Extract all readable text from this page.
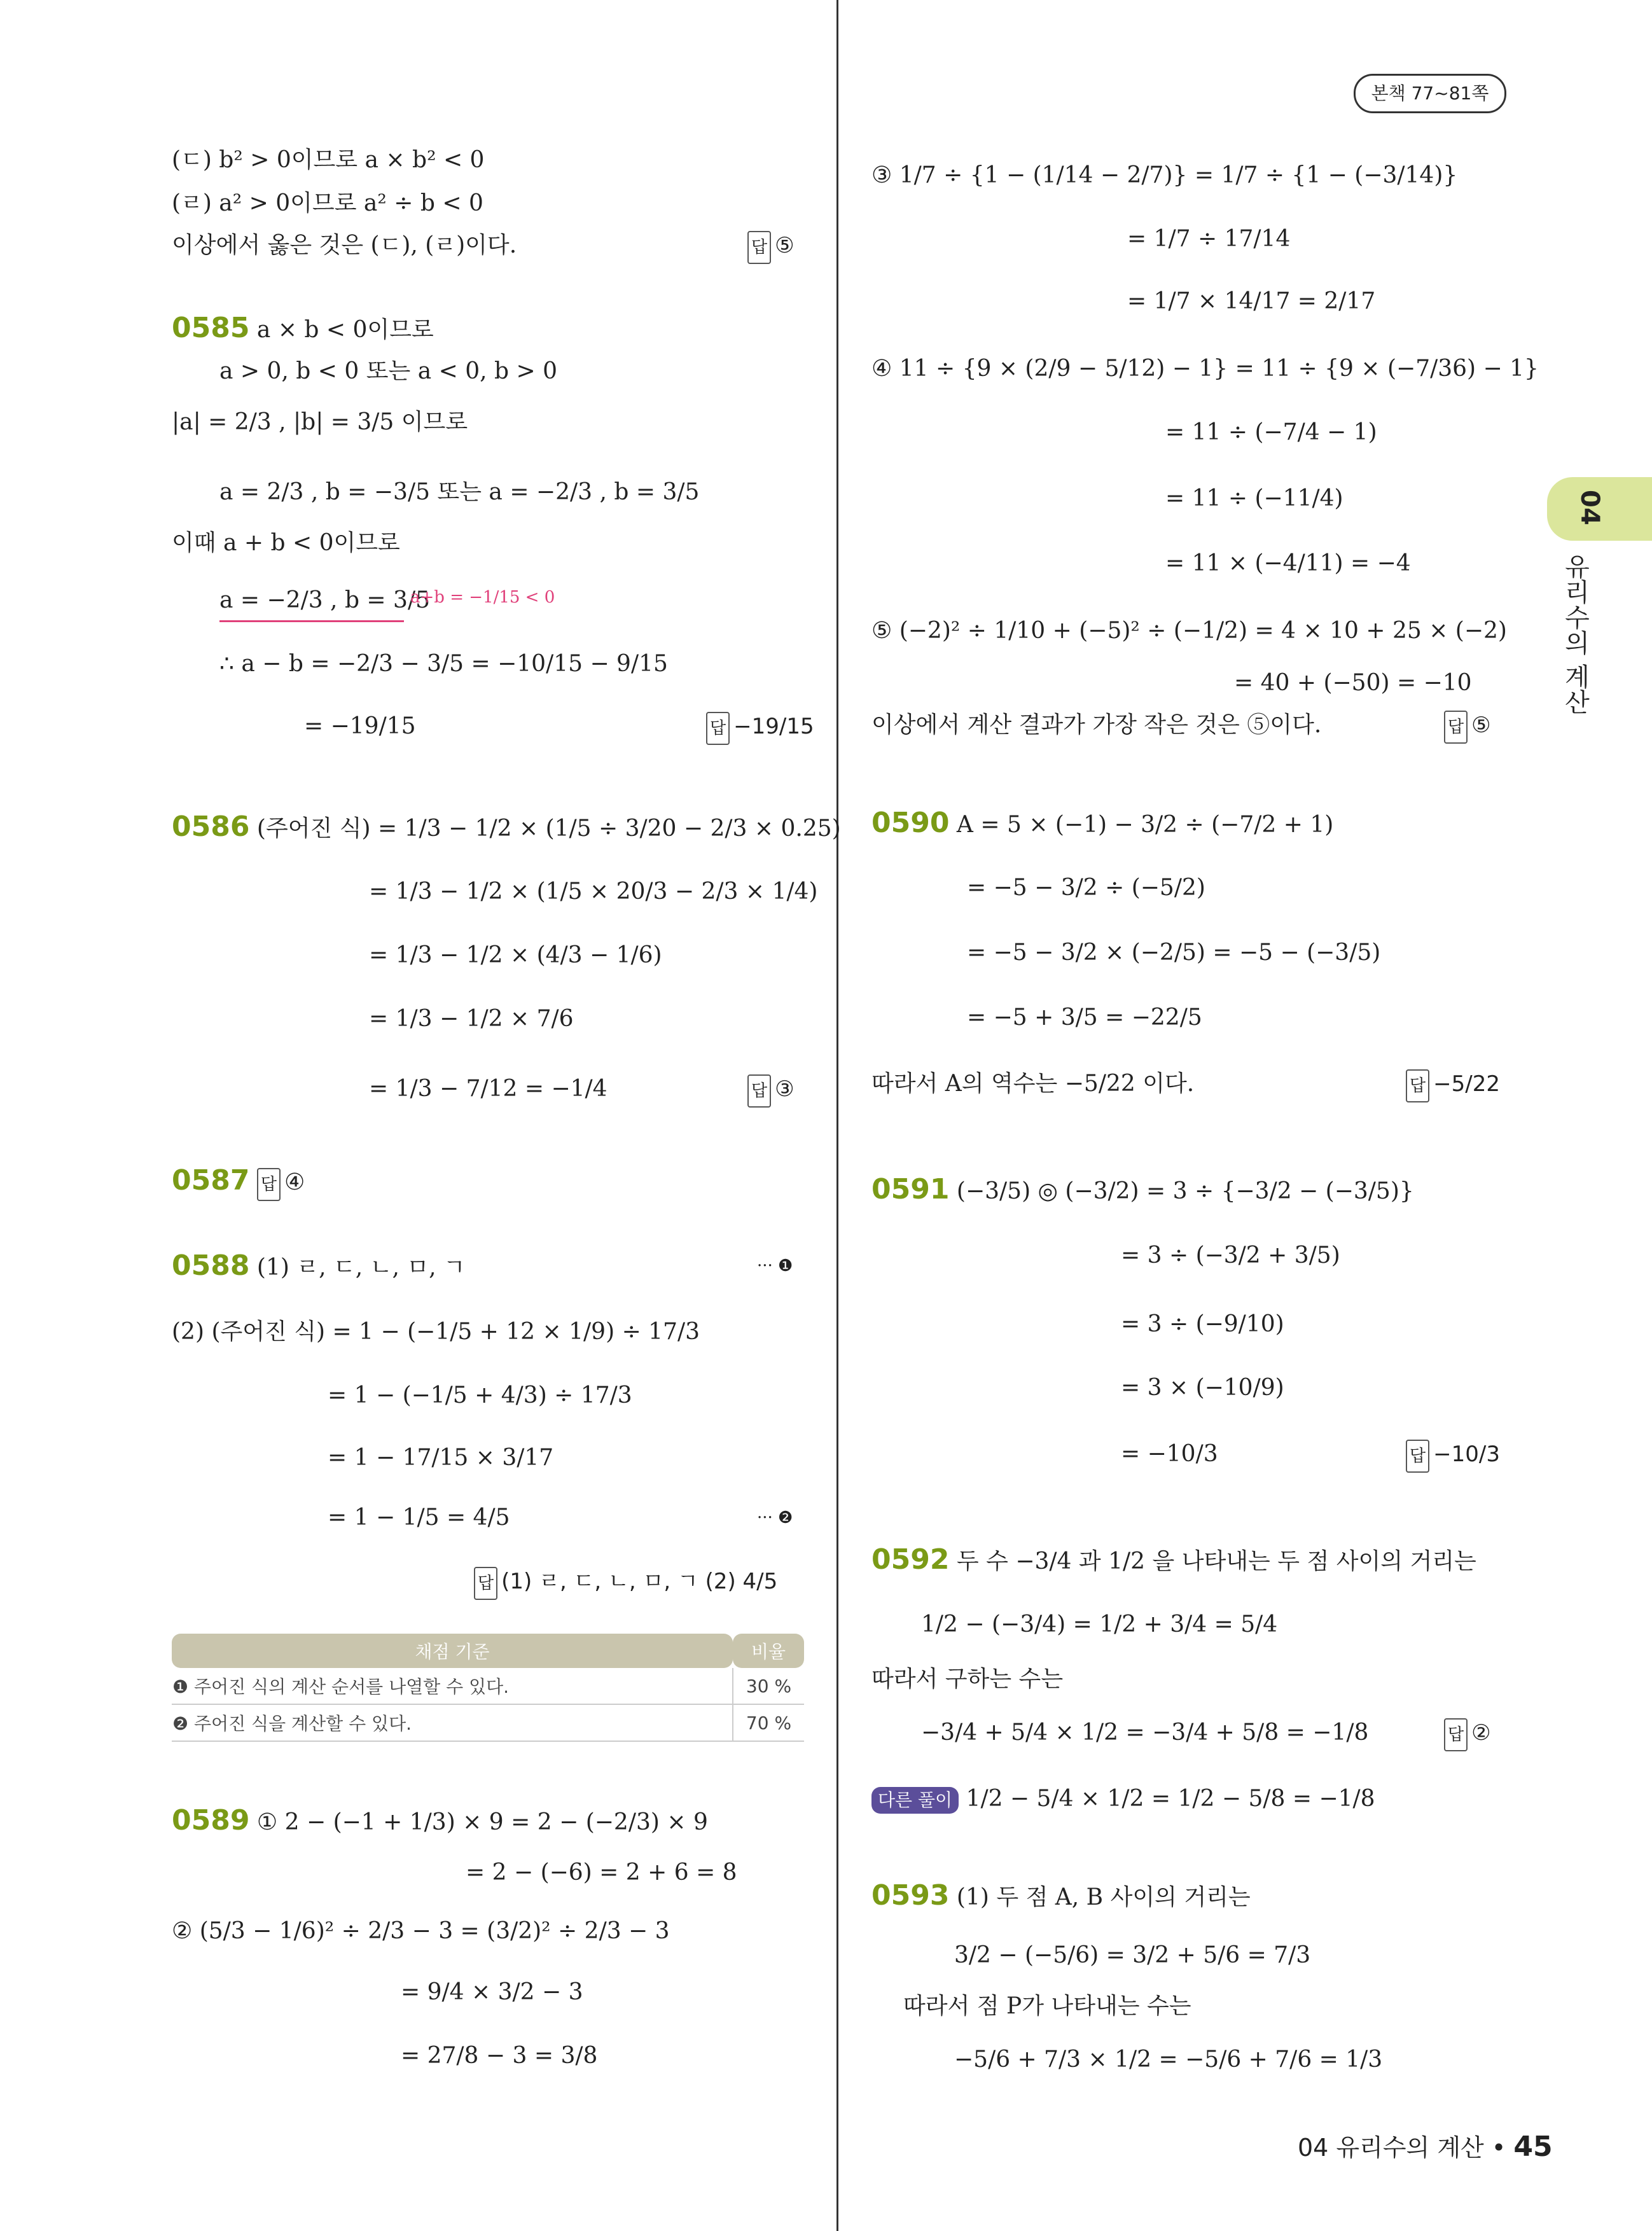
본책 77~81쪽
04
유리수의 계산
(ㄷ) b² > 0이므로 a × b² < 0
(ㄹ) a² > 0이므로 a² ÷ b < 0
이상에서 옳은 것은 (ㄷ), (ㄹ)이다.	답 ⑤
0585 a × b < 0이므로
a > 0, b < 0 또는 a < 0, b > 0
|a| = 2/3 , |b| = 3/5 이므로
a = 2/3 , b = −3/5 또는 a = −2/3 , b = 3/5
이때 a + b < 0이므로
a = −2/3 , b = 3/5
a+b = −1/15 < 0
∴ a − b = −2/3 − 3/5 = −10/15 − 9/15
= −19/15	답 −19/15
0586 (주어진 식) = 1/3 − 1/2 × (1/5 ÷ 3/20 − 2/3 × 0.25)
= 1/3 − 1/2 × (1/5 × 20/3 − 2/3 × 1/4)
= 1/3 − 1/2 × (4/3 − 1/6)
= 1/3 − 1/2 × 7/6
= 1/3 − 7/12 = −1/4	답 ③
0587 답 ④
0588 (1) ㄹ, ㄷ, ㄴ, ㅁ, ㄱ	··· ❶
(2) (주어진 식) = 1 − (−1/5 + 12 × 1/9) ÷ 17/3
= 1 − (−1/5 + 4/3) ÷ 17/3
= 1 − 17/15 × 3/17
= 1 − 1/5 = 4/5	··· ❷
답 (1) ㄹ, ㄷ, ㄴ, ㅁ, ㄱ (2) 4/5
채점 기준	비율
❶ 주어진 식의 계산 순서를 나열할 수 있다.	30 %
❷ 주어진 식을 계산할 수 있다.	70 %
0589 ① 2 − (−1 + 1/3) × 9 = 2 − (−2/3) × 9
= 2 − (−6) = 2 + 6 = 8
② (5/3 − 1/6)² ÷ 2/3 − 3 = (3/2)² ÷ 2/3 − 3
= 9/4 × 3/2 − 3
= 27/8 − 3 = 3/8
③ 1/7 ÷ {1 − (1/14 − 2/7)} = 1/7 ÷ {1 − (−3/14)}
= 1/7 ÷ 17/14
= 1/7 × 14/17 = 2/17
④ 11 ÷ {9 × (2/9 − 5/12) − 1} = 11 ÷ {9 × (−7/36) − 1}
= 11 ÷ (−7/4 − 1)
= 11 ÷ (−11/4)
= 11 × (−4/11) = −4
⑤ (−2)² ÷ 1/10 + (−5)² ÷ (−1/2) = 4 × 10 + 25 × (−2)
= 40 + (−50) = −10
이상에서 계산 결과가 가장 작은 것은 ⑤이다.	답 ⑤
0590 A = 5 × (−1) − 3/2 ÷ (−7/2 + 1)
= −5 − 3/2 ÷ (−5/2)
= −5 − 3/2 × (−2/5) = −5 − (−3/5)
= −5 + 3/5 = −22/5
따라서 A의 역수는 −5/22 이다.	답 −5/22
0591 (−3/5) ◎ (−3/2) = 3 ÷ {−3/2 − (−3/5)}
= 3 ÷ (−3/2 + 3/5)
= 3 ÷ (−9/10)
= 3 × (−10/9)
= −10/3	답 −10/3
0592 두 수 −3/4 과 1/2 을 나타내는 두 점 사이의 거리는
1/2 − (−3/4) = 1/2 + 3/4 = 5/4
따라서 구하는 수는
−3/4 + 5/4 × 1/2 = −3/4 + 5/8 = −1/8	답 ②
다른 풀이 1/2 − 5/4 × 1/2 = 1/2 − 5/8 = −1/8
0593 (1) 두 점 A, B 사이의 거리는
3/2 − (−5/6) = 3/2 + 5/6 = 7/3
따라서 점 P가 나타내는 수는
−5/6 + 7/3 × 1/2 = −5/6 + 7/6 = 1/3
04 유리수의 계산 • 45
